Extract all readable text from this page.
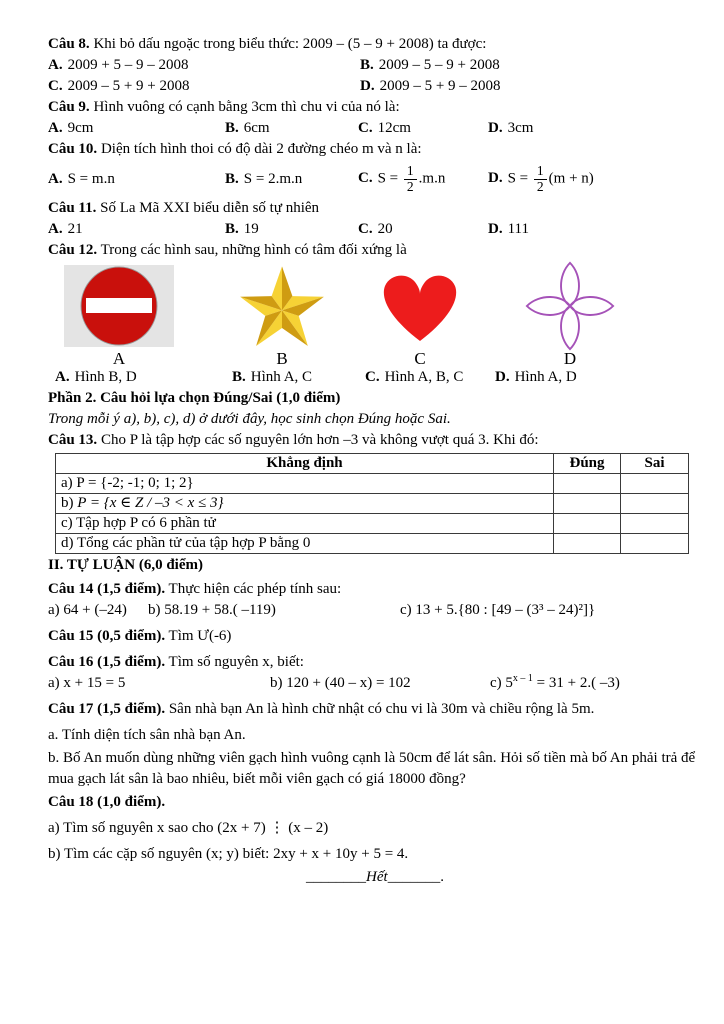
Câu 8. Khi bỏ dấu ngoặc trong biểu thức: 2009 – (5 – 9 + 2008) ta được:
A. 2009 + 5 – 9 – 2008	B. 2009 – 5 – 9 + 2008
C. 2009 – 5 + 9 + 2008	D. 2009 – 5 + 9 – 2008
Câu 9. Hình vuông có cạnh bằng 3cm thì chu vi của nó là:
A. 9cm	B. 6cm	C. 12cm	D. 3cm
Câu 10. Diện tích hình thoi có độ dài 2 đường chéo m và n là:
A. S = m.n	B. S = 2.m.n	C. $S = \frac{1}{2} .m.n$	D. $S = \frac{1}{2} (m + n)$
Câu 11. Số La Mã XXI biểu diễn số tự nhiên
A. 21	B. 19	C. 20	D. 111
Câu 12. Trong các hình sau, những hình có tâm đối xứng là
A	B	C	D
A. Hình B, D	B. Hình A, C	C. Hình A, B, C	D. Hình A, D
Phần 2. Câu hỏi lựa chọn Đúng/Sai (1,0 điểm)
Trong mỗi ý a), b), c), d) ở dưới đây, học sinh chọn Đúng hoặc Sai.
Câu 13. Cho P là tập hợp các số nguyên lớn hơn –3 và không vượt quá 3. Khi đó:
Khẳng định	Đúng	Sai
a) P = {-2; -1; 0; 1; 2}		
b) P = {x ∈ Z / –3 < x ≤ 3}		
c) Tập hợp P có 6 phần tử		
d) Tổng các phần tử của tập hợp P bằng 0		
II. TỰ LUẬN (6,0 điểm)
Câu 14 (1,5 điểm). Thực hiện các phép tính sau:
a) 64 + (–24)	b) 58.19 + 58.( –119)	c) 13 + 5.{80 : [49 – (3³ – 24)²]}
Câu 15 (0,5 điểm). Tìm Ư(-6)
Câu 16 (1,5 điểm). Tìm số nguyên x, biết:
a) x + 15 = 5	b) 120 + (40 – x) = 102	c) $5^{x - 1} = 31 + 2$.( –3)
Câu 17 (1,5 điểm). Sân nhà bạn An là hình chữ nhật có chu vi là 30m và chiều rộng là 5m.
a. Tính diện tích sân nhà bạn An.
b. Bố An muốn dùng những viên gạch hình vuông cạnh là 50cm để lát sân. Hỏi số tiền mà bố An phải trả để mua gạch lát sân là bao nhiêu, biết mỗi viên gạch có giá 18000 đồng?
Câu 18 (1,0 điểm).
a) Tìm số nguyên x sao cho (2x + 7) ⋮ (x – 2)
b) Tìm các cặp số nguyên (x; y) biết: 2xy + x + 10y + 5 = 4.
________Hết_______.
